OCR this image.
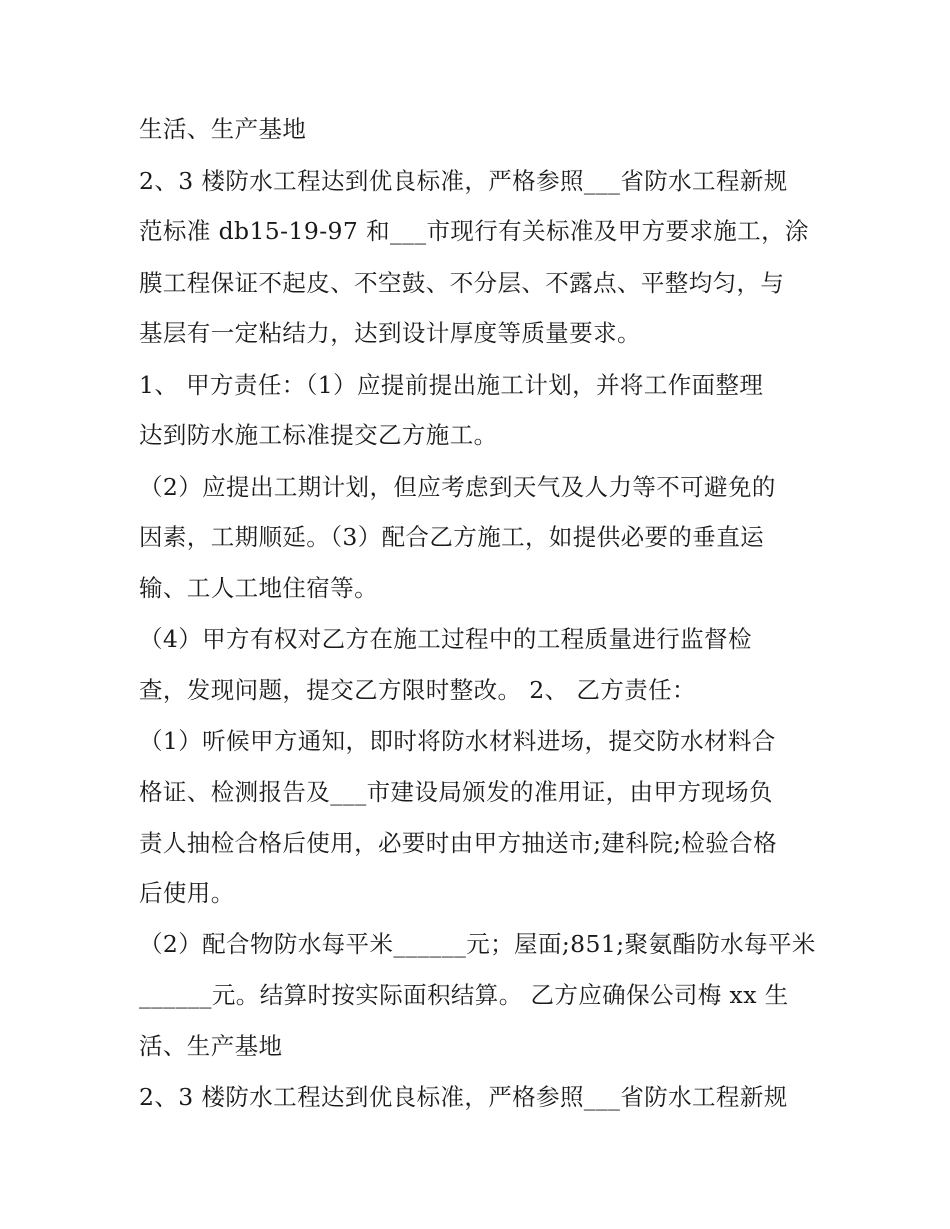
生活、生产基地
2、3 楼防水工程达到优良标准，严格参照___省防水工程新规
范标准 db15-19-97 和___市现行有关标准及甲方要求施工，涂
膜工程保证不起皮、不空鼓、不分层、不露点、平整均匀，与
基层有一定粘结力，达到设计厚度等质量要求。
1、 甲方责任：（1）应提前提出施工计划，并将工作面整理
达到防水施工标准提交乙方施工。
（2）应提出工期计划，但应考虑到天气及人力等不可避免的
因素，工期顺延。（3）配合乙方施工，如提供必要的垂直运
输、工人工地住宿等。
（4）甲方有权对乙方在施工过程中的工程质量进行监督检
查，发现问题，提交乙方限时整改。 2、 乙方责任：
（1）听候甲方通知，即时将防水材料进场，提交防水材料合
格证、检测报告及___市建设局颁发的准用证，由甲方现场负
责人抽检合格后使用，必要时由甲方抽送市;建科院;检验合格
后使用。
（2）配合物防水每平米______元；屋面;851;聚氨酯防水每平米
______元。结算时按实际面积结算。 乙方应确保公司梅 xx 生
活、生产基地
2、3 楼防水工程达到优良标准，严格参照___省防水工程新规
